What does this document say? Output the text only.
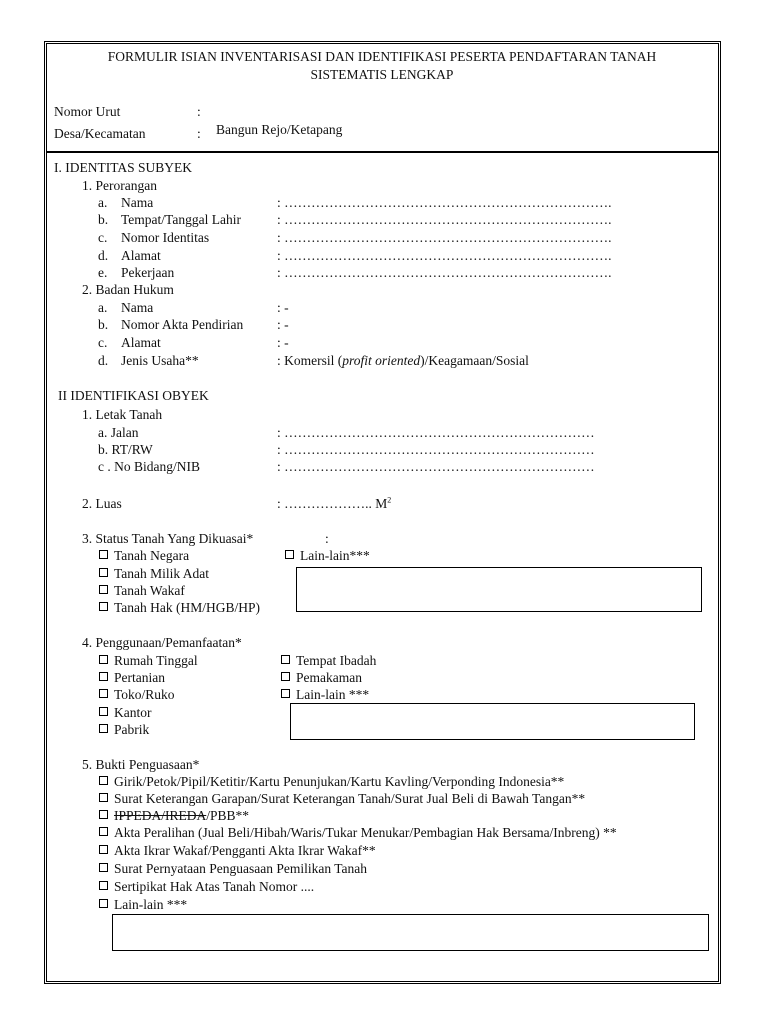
FORMULIR ISIAN INVENTARISASI DAN IDENTIFIKASI PESERTA PENDAFTARAN TANAH
SISTEMATIS LENGKAP
Nomor Urut	:
Desa/Kecamatan	: Bangun Rejo/Ketapang
I. IDENTITAS SUBYEK
1. Perorangan
a. Nama	: ……………………………………………………………….
b. Tempat/Tanggal Lahir	: ……………………………………………………………….
c. Nomor Identitas	: ……………………………………………………………….
d. Alamat	: ……………………………………………………………….
e. Pekerjaan	: ……………………………………………………………….
2. Badan Hukum
a. Nama	: -
b. Nomor Akta Pendirian	: -
c. Alamat	: -
d. Jenis Usaha**	: Komersil (profit oriented)/Keagamaan/Sosial
II IDENTIFIKASI OBYEK
1. Letak Tanah
a. Jalan	: ……………………………………………………………
b. RT/RW	: ……………………………………………………………
c . No Bidang/NIB	: ……………………………………………………………
2. Luas	: ……………….. $M^2$
3. Status Tanah Yang Dikuasai*	:
Tanah Negara
Tanah Milik Adat
Tanah Wakaf
Tanah Hak (HM/HGB/HP)
Lain-lain***
4. Penggunaan/Pemanfaatan*
Rumah Tinggal
Pertanian
Toko/Ruko
Kantor
Pabrik
Tempat Ibadah
Pemakaman
Lain-lain ***
5. Bukti Penguasaan*
Girik/Petok/Pipil/Ketitir/Kartu Penunjukan/Kartu Kavling/Verponding Indonesia**
Surat Keterangan Garapan/Surat Keterangan Tanah/Surat Jual Beli di Bawah Tangan**
IPPEDA/IREDA/PBB**
Akta Peralihan (Jual Beli/Hibah/Waris/Tukar Menukar/Pembagian Hak Bersama/Inbreng) **
Akta Ikrar Wakaf/Pengganti Akta Ikrar Wakaf**
Surat Pernyataan Penguasaan Pemilikan Tanah
Sertipikat Hak Atas Tanah Nomor ....
Lain-lain ***
